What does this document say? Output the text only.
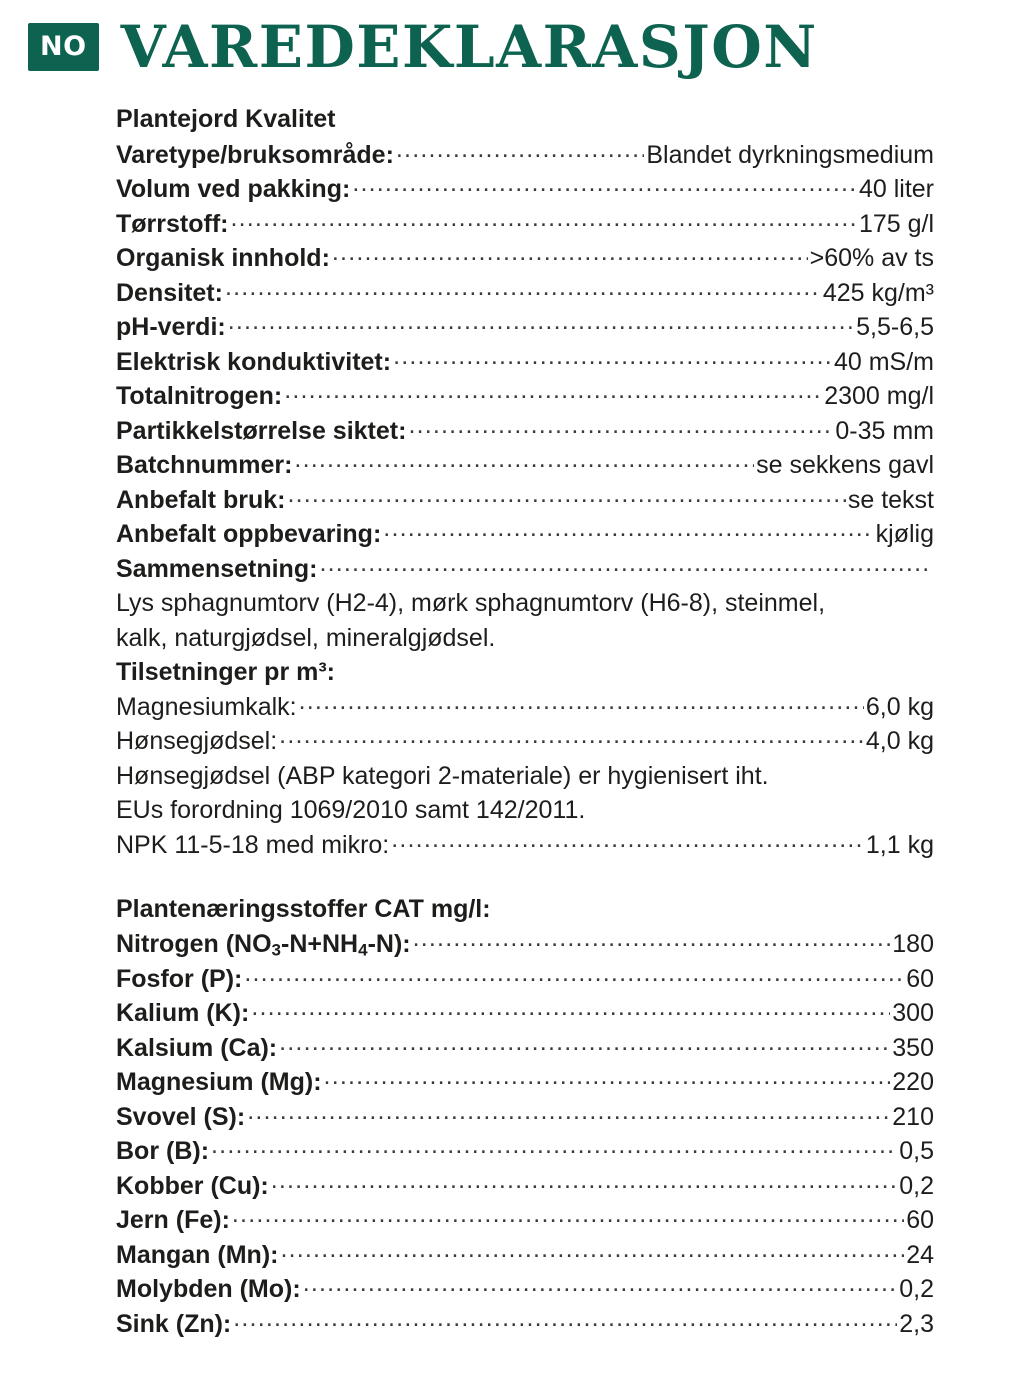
NO VAREDEKLARASJON
Plantejord Kvalitet
Varetype/bruksområde: .....	Blandet dyrkningsmedium
Volum ved pakking: .....	40 liter
Tørrstoff: .....	175 g/l
Organisk innhold: .....	>60% av ts
Densitet: .....	425 kg/m³
pH-verdi: .....	5,5-6,5
Elektrisk konduktivitet: .....	40 mS/m
Totalnitrogen: .....	2300 mg/l
Partikkelstørrelse siktet: .....	0-35 mm
Batchnummer: .....	se sekkens gavl
Anbefalt bruk: .....	se tekst
Anbefalt oppbevaring: .....	kjølig
Sammensetning:
.....
Lys sphagnumtorv (H2-4), mørk sphagnumtorv (H6-8), steinmel,
kalk, naturgjødsel, mineralgjødsel.
Tilsetninger pr m³:
Magnesiumkalk: .....	6,0 kg
Hønsegjødsel: .....	4,0 kg
Hønsegjødsel (ABP kategori 2-materiale) er hygienisert iht.
EUs forordning 1069/2010 samt 142/2011.
NPK 11-5-18 med mikro: .....	1,1 kg
Plantenæringsstoffer CAT mg/l:
Nitrogen $(NO_3-N+NH_4-N)$: .....	180
Fosfor (P): .....	60
Kalium (K): .....	300
Kalsium (Ca): .....	350
Magnesium (Mg): .....	220
Svovel (S): .....	210
Bor (B): .....	0,5
Kobber (Cu): .....	0,2
Jern (Fe): .....	60
Mangan (Mn): .....	24
Molybden (Mo): .....	0,2
Sink (Zn): .....	2,3
